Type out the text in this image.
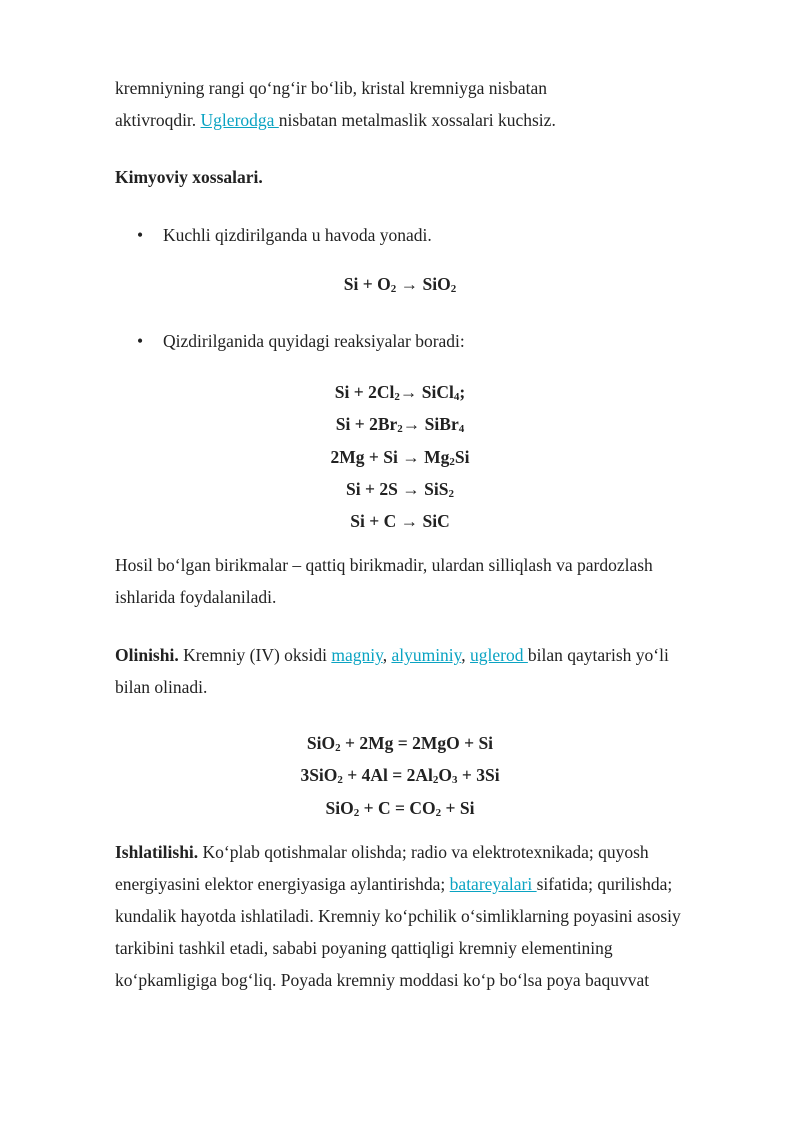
kremniyning rangi qo‘ng‘ir bo‘lib, kristal kremniyga nisbatan

aktivroqdir. Uglerodga nisbatan metalmaslik xossalari kuchsiz.

Kimyoviy xossalari.
• Kuchli qizdirilganda u havoda yonadi.
$Si + O_2 \to SiO_2$
• Qizdirilganida quyidagi reaksiyalar boradi:
$Si + 2Cl_2\to$ SiCl$_4$;
$Si + 2Br_2\to$ SiBr$_4$
$2Mg + Si \to Mg_2Si$
Si + 2S → SiS$_2$
Si + C → SiC

Hosil bo‘lgan birikmalar – qattiq birikmadir, ulardan silliqlash va pardozlash

ishlarida foydalaniladi.

Olinishi. Kremniy (IV) oksidi magniy, alyuminiy, uglerod bilan qaytarish yo‘li

bilan olinadi.

SiO$_2$ + 2Mg = 2MgO + Si
$3SiO_2 + 4Al = 2Al_2O_3 + 3Si$
$SiO_2 + C = CO_2 + Si$

Ishlatilishi. Ko‘plab qotishmalar olishda; radio va elektrotexnikada; quyosh

energiyasini elektor energiyasiga aylantirishda; batareyalari sifatida; qurilishda;

kundalik hayotda ishlatiladi. Kremniy ko‘pchilik o‘simliklarning poyasini asosiy

tarkibini tashkil etadi, sababi poyaning qattiqligi kremniy elementining

ko‘pkamligiga bog‘liq. Poyada kremniy moddasi ko‘p bo‘lsa poya baquvvat
